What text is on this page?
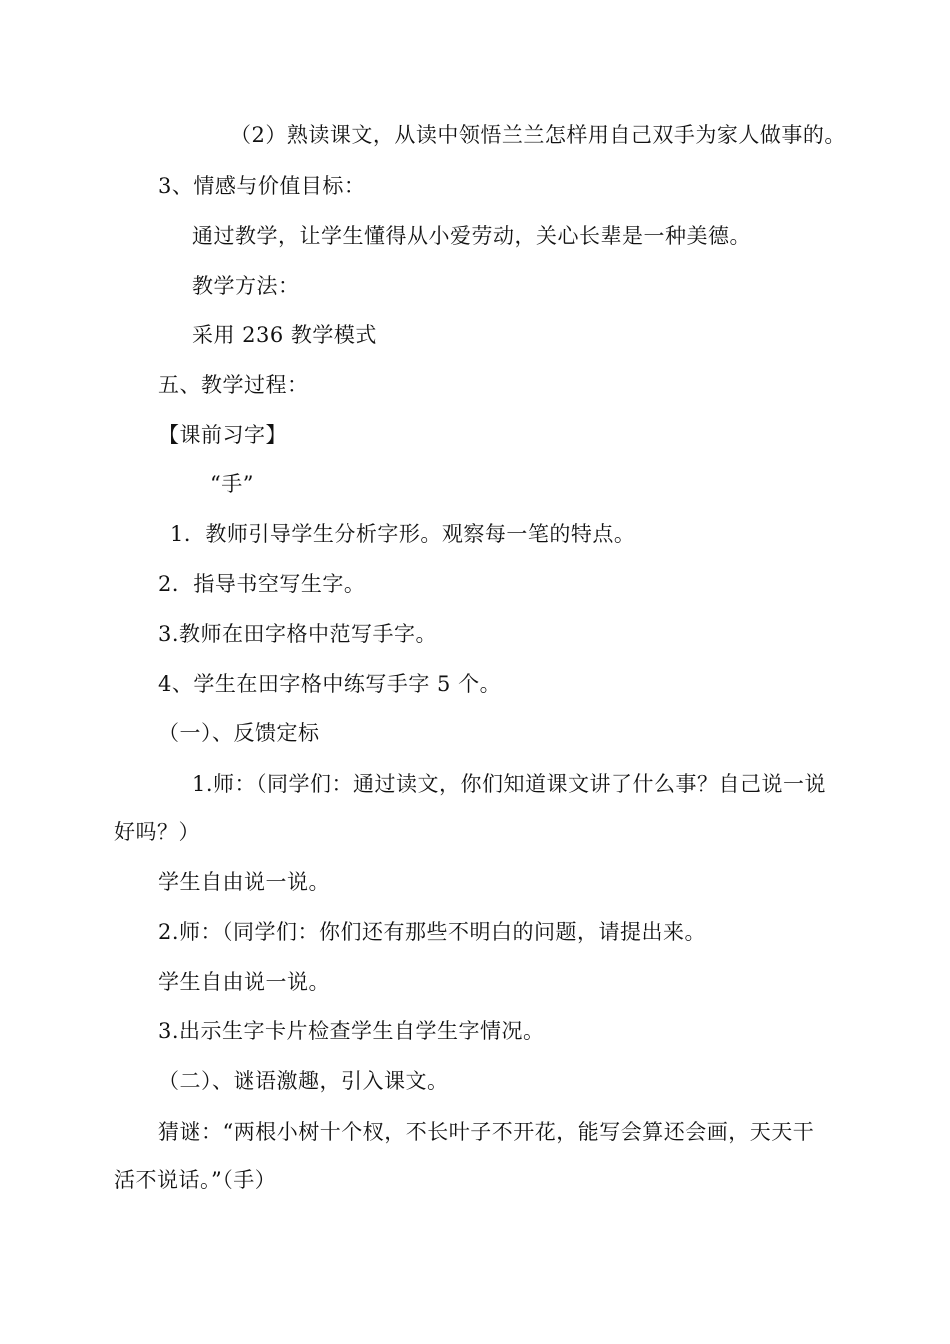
（2）熟读课文，从读中领悟兰兰怎样用自己双手为家人做事的。
3、情感与价值目标：
通过教学，让学生懂得从小爱劳动，关心长辈是一种美德。
教学方法：
采用 236 教学模式
五、教学过程：
【课前习字】
“手”
1．教师引导学生分析字形。观察每一笔的特点。
2．指导书空写生字。
3.教师在田字格中范写手字。
4、学生在田字格中练写手字 5 个。
（一）、反馈定标
1.师：（同学们：通过读文，你们知道课文讲了什么事？自己说一说
好吗？）
学生自由说一说。
2.师：（同学们：你们还有那些不明白的问题，请提出来。
学生自由说一说。
3.出示生字卡片检查学生自学生字情况。
（二）、谜语激趣，引入课文。
猜谜：“两根小树十个杈，不长叶子不开花，能写会算还会画，天天干
活不说话。”（手）
